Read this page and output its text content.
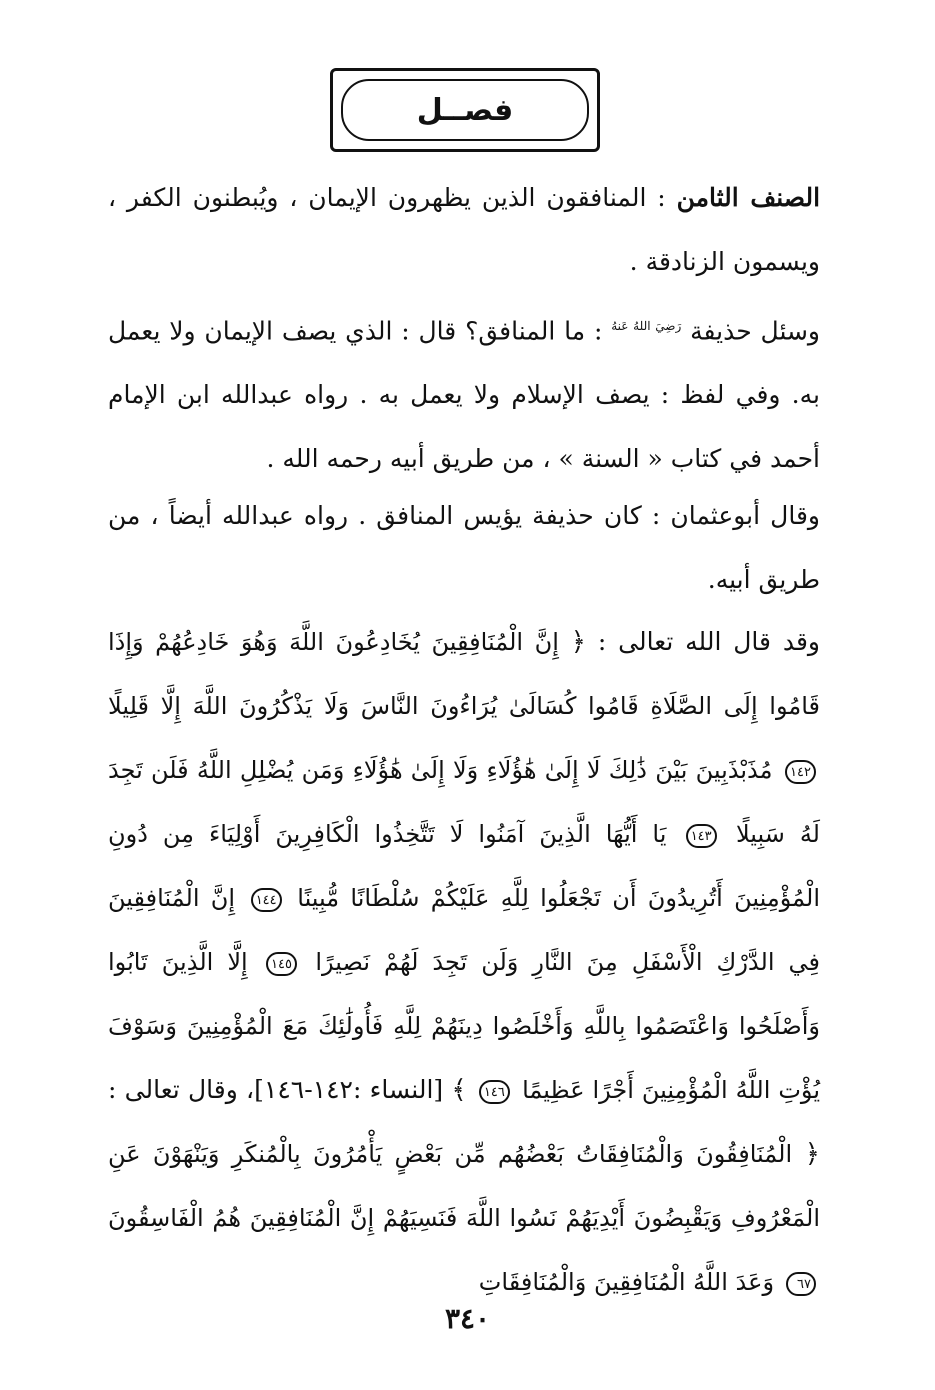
فصــل
الصنف الثامن : المنافقون الذين يظهرون الإيمان ، ويُبطنون الكفر ، ويسمون الزنادقة .
وسئل حذيفة $^{رَضِيَ اللهُ عَنهُ}$ : ما المنافق؟ قال : الذي يصف الإيمان ولا يعمل به. وفي لفظ : يصف الإسلام ولا يعمل به . رواه عبدالله ابن الإمام أحمد في كتاب « السنة » ، من طريق أبيه رحمه الله .
وقال أبوعثمان : كان حذيفة يؤيس المنافق . رواه عبدالله أيضاً ، من طريق أبيه.
وقد قال الله تعالى : ﴿ إِنَّ الْمُنَافِقِينَ يُخَادِعُونَ اللَّهَ وَهُوَ خَادِعُهُمْ وَإِذَا قَامُوا إِلَى الصَّلَاةِ قَامُوا كُسَالَىٰ يُرَاءُونَ النَّاسَ وَلَا يَذْكُرُونَ اللَّهَ إِلَّا قَلِيلًا ١٤٢ مُذَبْذَبِينَ بَيْنَ ذَٰلِكَ لَا إِلَىٰ هَٰؤُلَاءِ وَلَا إِلَىٰ هَٰؤُلَاءِ وَمَن يُضْلِلِ اللَّهُ فَلَن تَجِدَ لَهُ سَبِيلًا ١٤٣ يَا أَيُّهَا الَّذِينَ آمَنُوا لَا تَتَّخِذُوا الْكَافِرِينَ أَوْلِيَاءَ مِن دُونِ الْمُؤْمِنِينَ أَتُرِيدُونَ أَن تَجْعَلُوا لِلَّهِ عَلَيْكُمْ سُلْطَانًا مُّبِينًا ١٤٤ إِنَّ الْمُنَافِقِينَ فِي الدَّرْكِ الْأَسْفَلِ مِنَ النَّارِ وَلَن تَجِدَ لَهُمْ نَصِيرًا ١٤٥ إِلَّا الَّذِينَ تَابُوا وَأَصْلَحُوا وَاعْتَصَمُوا بِاللَّهِ وَأَخْلَصُوا دِينَهُمْ لِلَّهِ فَأُولَٰئِكَ مَعَ الْمُؤْمِنِينَ وَسَوْفَ يُؤْتِ اللَّهُ الْمُؤْمِنِينَ أَجْرًا عَظِيمًا ١٤٦ ﴾ [النساء :١٤٢-١٤٦]، وقال تعالى : ﴿ الْمُنَافِقُونَ وَالْمُنَافِقَاتُ بَعْضُهُم مِّن بَعْضٍ يَأْمُرُونَ بِالْمُنكَرِ وَيَنْهَوْنَ عَنِ الْمَعْرُوفِ وَيَقْبِضُونَ أَيْدِيَهُمْ نَسُوا اللَّهَ فَنَسِيَهُمْ إِنَّ الْمُنَافِقِينَ هُمُ الْفَاسِقُونَ ٦٧ وَعَدَ اللَّهُ الْمُنَافِقِينَ وَالْمُنَافِقَاتِ
٣٤٠
